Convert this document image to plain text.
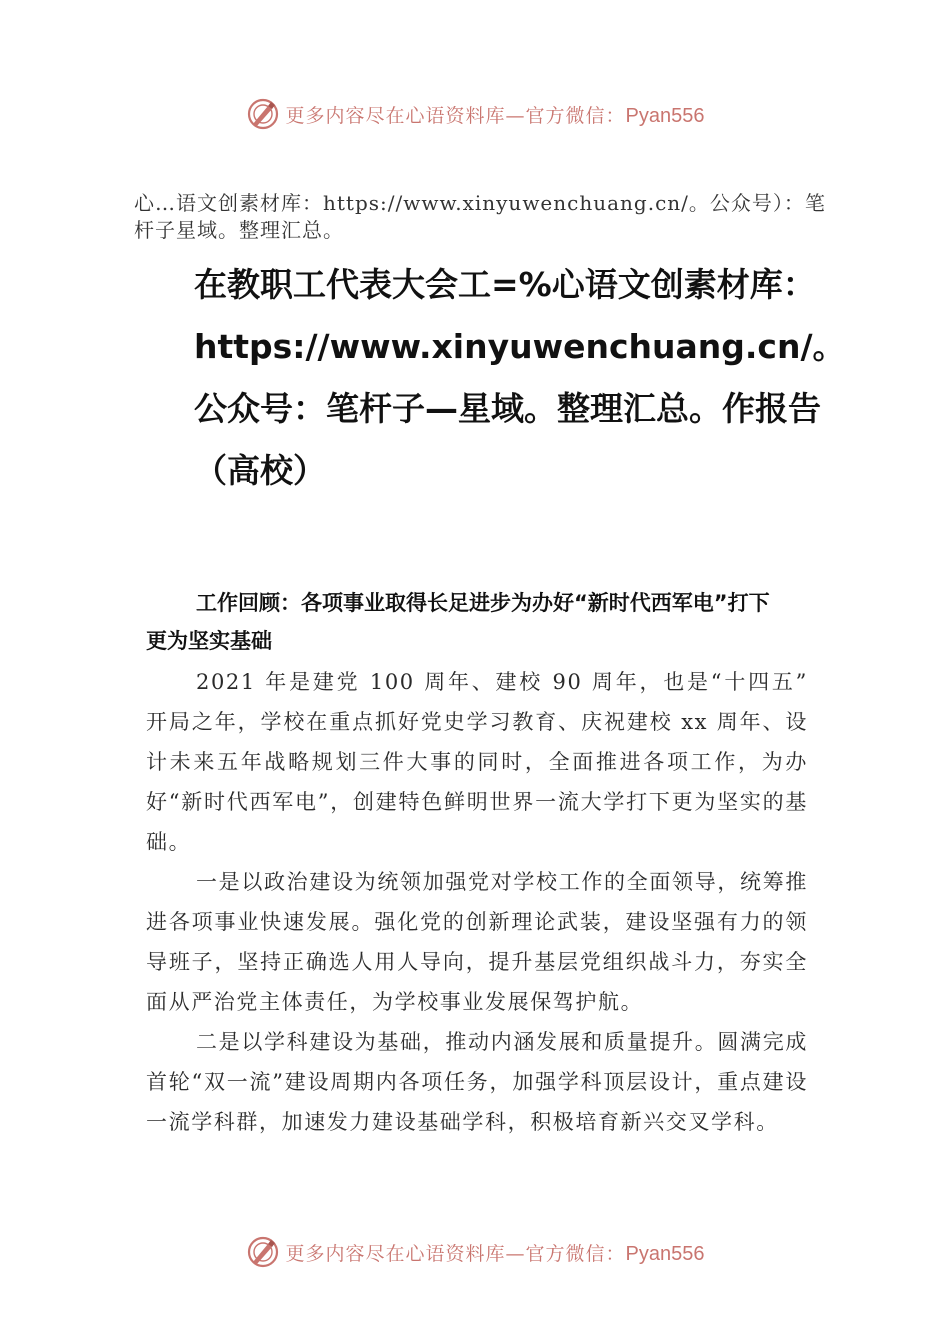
更多内容尽在心语资料库—官方微信：Pyan556
心…语文创素材库：https://www.xinyuwenchuang.cn/。公众号）：笔杆子星域。整理汇总。
在教职工代表大会工=%心语文创素材库：https://www.xinyuwenchuang.cn/。公众号：笔杆子—星域。整理汇总。作报告（高校）
工作回顾：各项事业取得长足进步为办好“新时代西军电”打下更为坚实基础

2021 年是建党 100 周年、建校 90 周年，也是“十四五” 开局之年，学校在重点抓好党史学习教育、庆祝建校 xx 周年、设计未来五年战略规划三件大事的同时，全面推进各项工作，为办好“新时代西军电”，创建特色鲜明世界一流大学打下更为坚实的基础。

一是以政治建设为统领加强党对学校工作的全面领导，统筹推进各项事业快速发展。强化党的创新理论武装，建设坚强有力的领导班子，坚持正确选人用人导向，提升基层党组织战斗力，夯实全面从严治党主体责任，为学校事业发展保驾护航。

二是以学科建设为基础，推动内涵发展和质量提升。圆满完成首轮“双一流”建设周期内各项任务，加强学科顶层设计，重点建设一流学科群，加速发力建设基础学科，积极培育新兴交叉学科。

更多内容尽在心语资料库—官方微信：Pyan556
